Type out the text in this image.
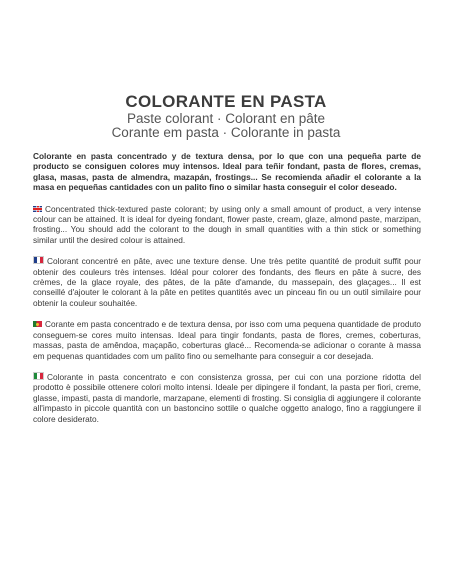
COLORANTE EN PASTA

Paste colorant · Colorant en pâte

Corante em pasta · Colorante in pasta

Colorante en pasta concentrado y de textura densa, por lo que con una pequeña parte de producto se consiguen colores muy intensos. Ideal para teñir fondant, pasta de flores, cremas, glasa, masas, pasta de almendra, mazapán, frostings... Se recomienda añadir el colorante a la masa en pequeñas cantidades con un palito fino o similar hasta conseguir el color deseado.

Concentrated thick-textured paste colorant; by using only a small amount of product, a very intense colour can be attained. It is ideal for dyeing fondant, flower paste, cream, glaze, almond paste, marzipan, frosting... You should add the colorant to the dough in small quantities with a thin stick or something similar until the desired colour is attained.

Colorant concentré en pâte, avec une texture dense. Une très petite quantité de produit suffit pour obtenir des couleurs très intenses. Idéal pour colorer des fondants, des fleurs en pâte à sucre, des crèmes, de la glace royale, des pâtes, de la pâte d'amande, du massepain, des glaçages... Il est conseillé d'ajouter le colorant à la pâte en petites quantités avec un pinceau fin ou un outil similaire pour obtenir la couleur souhaitée.

Corante em pasta concentrado e de textura densa, por isso com uma pequena quantidade de produto conseguem-se cores muito intensas. Ideal para tingir fondants, pasta de flores, cremes, coberturas, massas, pasta de amêndoa, maçapão, coberturas glacé... Recomenda-se adicionar o corante à massa em pequenas quantidades com um palito fino ou semelhante para conseguir a cor desejada.

Colorante in pasta concentrato e con consistenza grossa, per cui con una porzione ridotta del prodotto è possibile ottenere colori molto intensi. Ideale per dipingere il fondant, la pasta per fiori, creme, glasse, impasti, pasta di mandorle, marzapane, elementi di frosting. Si consiglia di aggiungere il colorante all'impasto in piccole quantità con un bastoncino sottile o qualche oggetto analogo, fino a raggiungere il colore desiderato.
